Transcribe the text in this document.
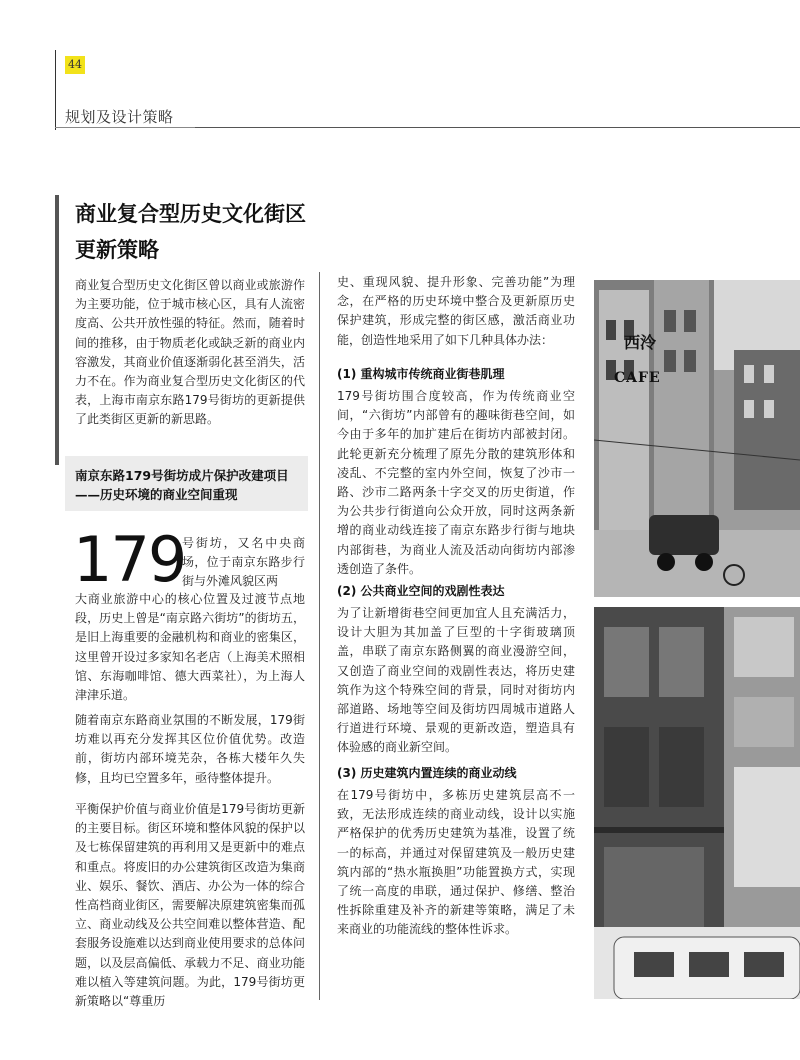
44
规划及设计策略
商业复合型历史文化街区
更新策略

商业复合型历史文化街区曾以商业或旅游作为主要功能，位于城市核心区，具有人流密度高、公共开放性强的特征。然而，随着时间的推移，由于物质老化或缺乏新的商业内容激发，其商业价值逐渐弱化甚至消失，活力不在。作为商业复合型历史文化街区的代表，上海市南京东路179号街坊的更新提供了此类街区更新的新思路。

南京东路179号街坊成片保护改建项目——历史环境的商业空间重现
179

号街坊，又名中央商场，位于南京东路步行街与外滩风貌区两

大商业旅游中心的核心位置及过渡节点地段，历史上曾是“南京路六街坊”的街坊五，是旧上海重要的金融机构和商业的密集区，这里曾开设过多家知名老店（上海美术照相馆、东海咖啡馆、德大西菜社），为上海人津津乐道。

随着南京东路商业氛围的不断发展，179街坊难以再充分发挥其区位价值优势。改造前，街坊内部环境芜杂，各栋大楼年久失修，且均已空置多年，亟待整体提升。

平衡保护价值与商业价值是179号街坊更新的主要目标。街区环境和整体风貌的保护以及七栋保留建筑的再利用又是更新中的难点和重点。将废旧的办公建筑街区改造为集商业、娱乐、餐饮、酒店、办公为一体的综合性高档商业街区，需要解决原建筑密集而孤立、商业动线及公共空间难以整体营造、配套服务设施难以达到商业使用要求的总体问题，以及层高偏低、承载力不足、商业功能难以植入等建筑问题。为此，179号街坊更新策略以“尊重历

史、重现风貌、提升形象、完善功能”为理念，在严格的历史环境中整合及更新原历史保护建筑，形成完整的街区感，激活商业功能，创造性地采用了如下几种具体办法：

(1) 重构城市传统商业街巷肌理

179号街坊围合度较高，作为传统商业空间，“六街坊”内部曾有的趣味街巷空间，如今由于多年的加扩建后在街坊内部被封闭。此轮更新充分梳理了原先分散的建筑形体和凌乱、不完整的室内外空间，恢复了沙市一路、沙市二路两条十字交叉的历史街道，作为公共步行街道向公众开放，同时这两条新增的商业动线连接了南京东路步行街与地块内部街巷，为商业人流及活动向街坊内部渗透创造了条件。

(2) 公共商业空间的戏剧性表达

为了让新增街巷空间更加宜人且充满活力，设计大胆为其加盖了巨型的十字街玻璃顶盖，串联了南京东路侧翼的商业漫游空间，又创造了商业空间的戏剧性表达，将历史建筑作为这个特殊空间的背景，同时对街坊内部道路、场地等空间及街坊四周城市道路人行道进行环境、景观的更新改造，塑造具有体验感的商业新空间。

(3) 历史建筑内置连续的商业动线

在179号街坊中，多栋历史建筑层高不一致，无法形成连续的商业动线，设计以实施严格保护的优秀历史建筑为基准，设置了统一的标高，并通过对保留建筑及一般历史建筑内部的“热水瓶换胆”功能置换方式，实现了统一高度的串联，通过保护、修缮、整治性拆除重建及补齐的新建等策略，满足了未来商业的功能流线的整体性诉求。

西泠
CAFE
